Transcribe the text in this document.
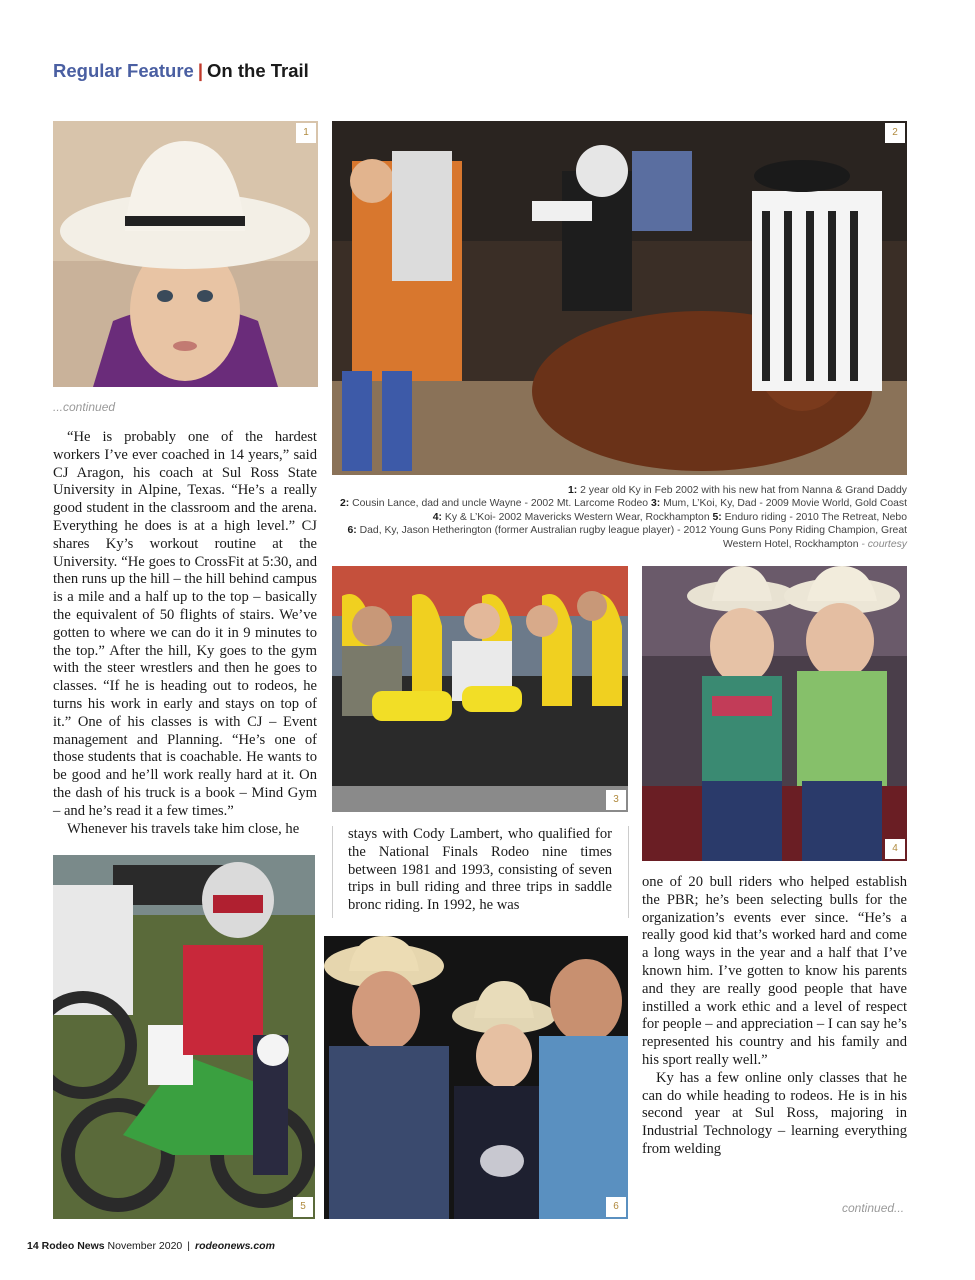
Regular Feature | On the Trail
1	2
...continued

“He is probably one of the hardest workers I’ve ever coached in 14 years,” said CJ Aragon, his coach at Sul Ross State University in Alpine, Texas. “He’s a really good student in the classroom and the arena. Everything he does is at a high level.” CJ shares Ky’s workout routine at the University. “He goes to CrossFit at 5:30, and then runs up the hill – the hill behind campus is a mile and a half up to the top – basically the equivalent of 50 flights of stairs. We’ve gotten to where we can do it in 9 minutes to the top.” After the hill, Ky goes to the gym with the steer wrestlers and then he goes to classes. “If he is heading out to rodeos, he turns his work in early and stays on top of it.” One of his classes is with CJ – Event management and Planning. “He’s one of those students that is coachable. He wants to be good and he’ll work really hard at it. On the dash of his truck is a book – Mind Gym – and he’s read it a few times.”

Whenever his travels take him close, he

1: 2 year old Ky in Feb 2002 with his new hat from Nanna & Grand Daddy
2: Cousin Lance, dad and uncle Wayne - 2002 Mt. Larcome Rodeo 3: Mum, L’Koi, Ky, Dad - 2009 Movie World, Gold Coast 4: Ky & L’Koi- 2002 Mavericks Western Wear, Rockhampton 5: Enduro riding - 2010 The Retreat, Nebo
6: Dad, Ky, Jason Hetherington (former Australian rugby league player) - 2012 Young Guns Pony Riding Champion, Great Western Hotel, Rockhampton - courtesy
3
4

stays with Cody Lambert, who qualified for the National Finals Rodeo nine times between 1981 and 1993, consisting of seven trips in bull riding and three trips in saddle bronc riding. In 1992, he was

one of 20 bull riders who helped establish the PBR; he’s been selecting bulls for the organization’s events ever since. “He’s a really good kid that’s worked hard and come a long ways in the year and a half that I’ve known him. I’ve gotten to know his parents and they are really good people that have instilled a work ethic and a level of respect for people – and appreciation – I can say he’s represented his country and his family and his sport really well.”

Ky has a few online only classes that he can do while heading to rodeos. He is in his second year at Sul Ross, majoring in Industrial Technology – learning everything from welding

5	6	continued...
14 Rodeo News November 2020 | rodeonews.com
